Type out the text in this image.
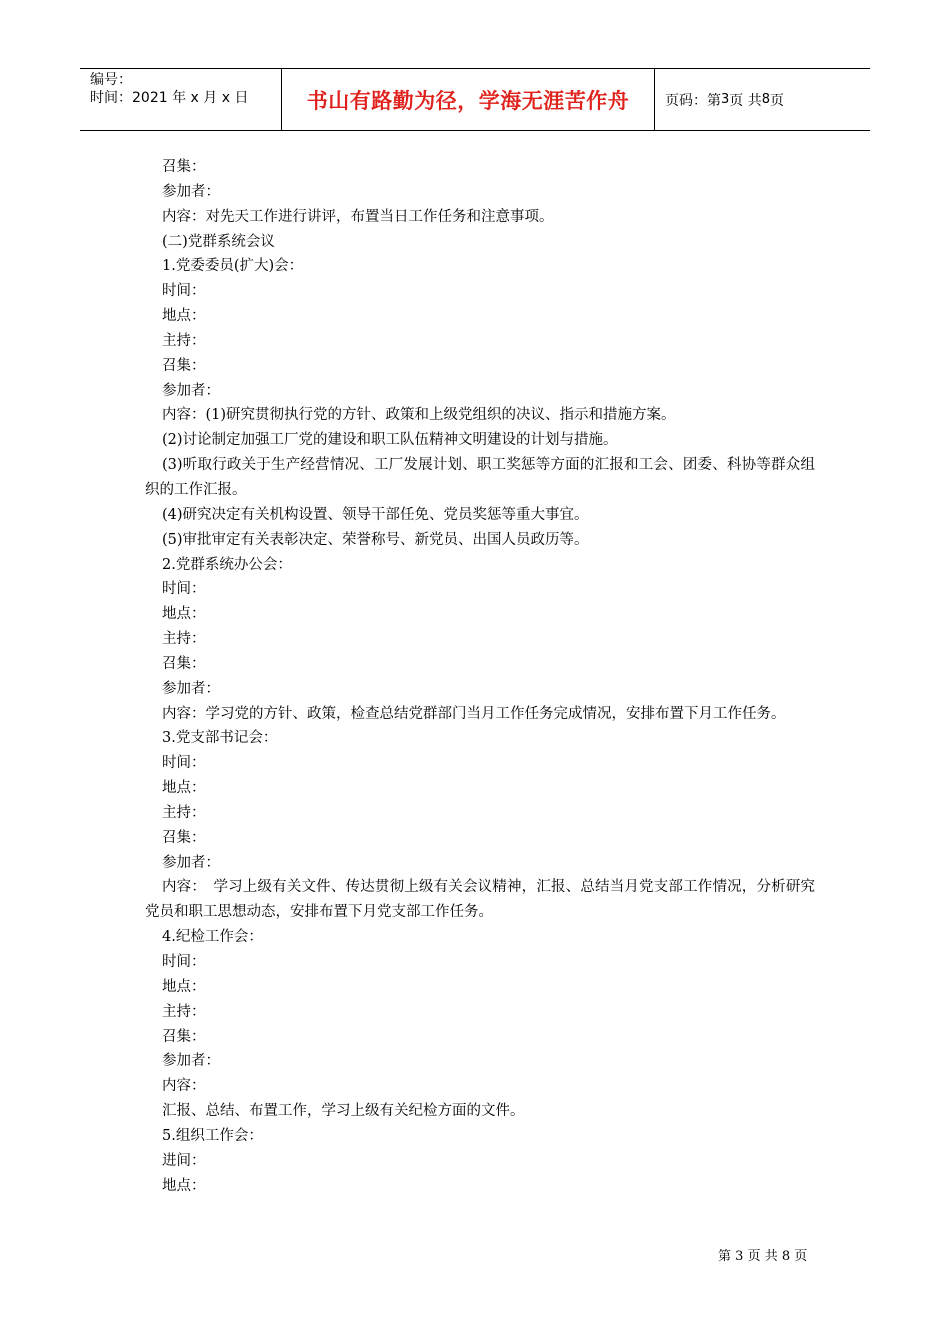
编号：
时间：2021 年 x 月 x 日	书山有路勤为径，学海无涯苦作舟	页码：第 3 页 共 8 页

召集：

参加者：

内容：对先天工作进行讲评，布置当日工作任务和注意事项。

(二)党群系统会议

1.党委委员(扩大)会：

时间：

地点：

主持：

召集：

参加者：

内容：(1)研究贯彻执行党的方针、政策和上级党组织的决议、指示和措施方案。

(2)讨论制定加强工厂党的建设和职工队伍精神文明建设的计划与措施。

(3)听取行政关于生产经营情况、工厂发展计划、职工奖惩等方面的汇报和工会、团委、科协等群众组织的工作汇报。

(4)研究决定有关机构设置、领导干部任免、党员奖惩等重大事宜。

(5)审批审定有关表彰决定、荣誉称号、新党员、出国人员政历等。

2.党群系统办公会：

时间：

地点：

主持：

召集：

参加者：

内容：学习党的方针、政策，检查总结党群部门当月工作任务完成情况，安排布置下月工作任务。

3.党支部书记会：

时间：

地点：

主持：

召集：

参加者：

内容：　学习上级有关文件、传达贯彻上级有关会议精神，汇报、总结当月党支部工作情况，分析研究党员和职工思想动态，安排布置下月党支部工作任务。

4.纪检工作会：

时间：

地点：

主持：

召集：

参加者：

内容：

汇报、总结、布置工作，学习上级有关纪检方面的文件。

5.组织工作会：

进间：

地点：

第 3 页 共 8 页
